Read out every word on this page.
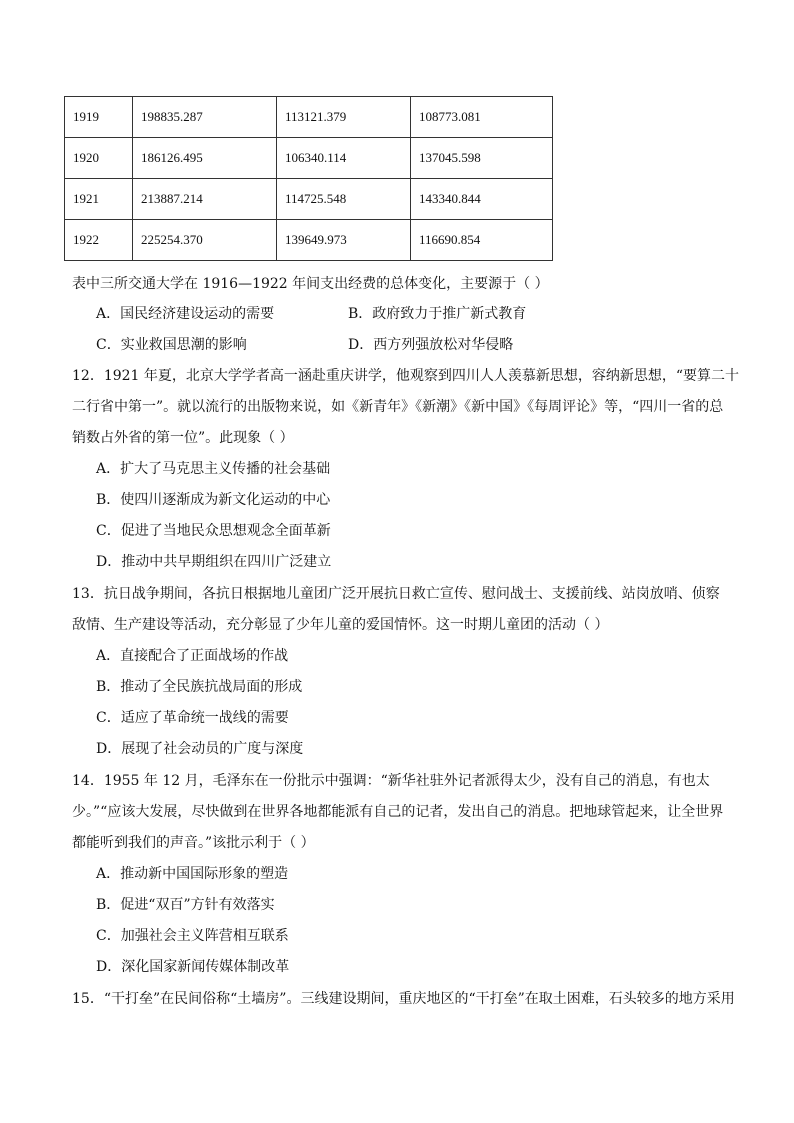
1919	198835.287	113121.379	108773.081
1920	186126.495	106340.114	137045.598
1921	213887.214	114725.548	143340.844
1922	225254.370	139649.973	116690.854
表中三所交通大学在 1916—1922 年间支出经费的总体变化，主要源于（ ）
A．国民经济建设运动的需要	B．政府致力于推广新式教育
C．实业救国思潮的影响	D．西方列强放松对华侵略
12．1921 年夏，北京大学学者高一涵赴重庆讲学，他观察到四川人人羡慕新思想，容纳新思想，“要算二十
二行省中第一”。就以流行的出版物来说，如《新青年》《新潮》《新中国》《每周评论》等，“四川一省的总
销数占外省的第一位”。此现象（ ）
A．扩大了马克思主义传播的社会基础
B．使四川逐渐成为新文化运动的中心
C．促进了当地民众思想观念全面革新
D．推动中共早期组织在四川广泛建立
13．抗日战争期间，各抗日根据地儿童团广泛开展抗日救亡宣传、慰问战士、支援前线、站岗放哨、侦察
敌情、生产建设等活动，充分彰显了少年儿童的爱国情怀。这一时期儿童团的活动（ ）
A．直接配合了正面战场的作战
B．推动了全民族抗战局面的形成
C．适应了革命统一战线的需要
D．展现了社会动员的广度与深度
14．1955 年 12 月，毛泽东在一份批示中强调：“新华社驻外记者派得太少，没有自己的消息，有也太
少。”“应该大发展，尽快做到在世界各地都能派有自己的记者，发出自己的消息。把地球管起来，让全世界
都能听到我们的声音。”该批示利于（ ）
A．推动新中国国际形象的塑造
B．促进“双百”方针有效落实
C．加强社会主义阵营相互联系
D．深化国家新闻传媒体制改革
15．“干打垒”在民间俗称“土墙房”。三线建设期间，重庆地区的“干打垒”在取土困难，石头较多的地方采用
